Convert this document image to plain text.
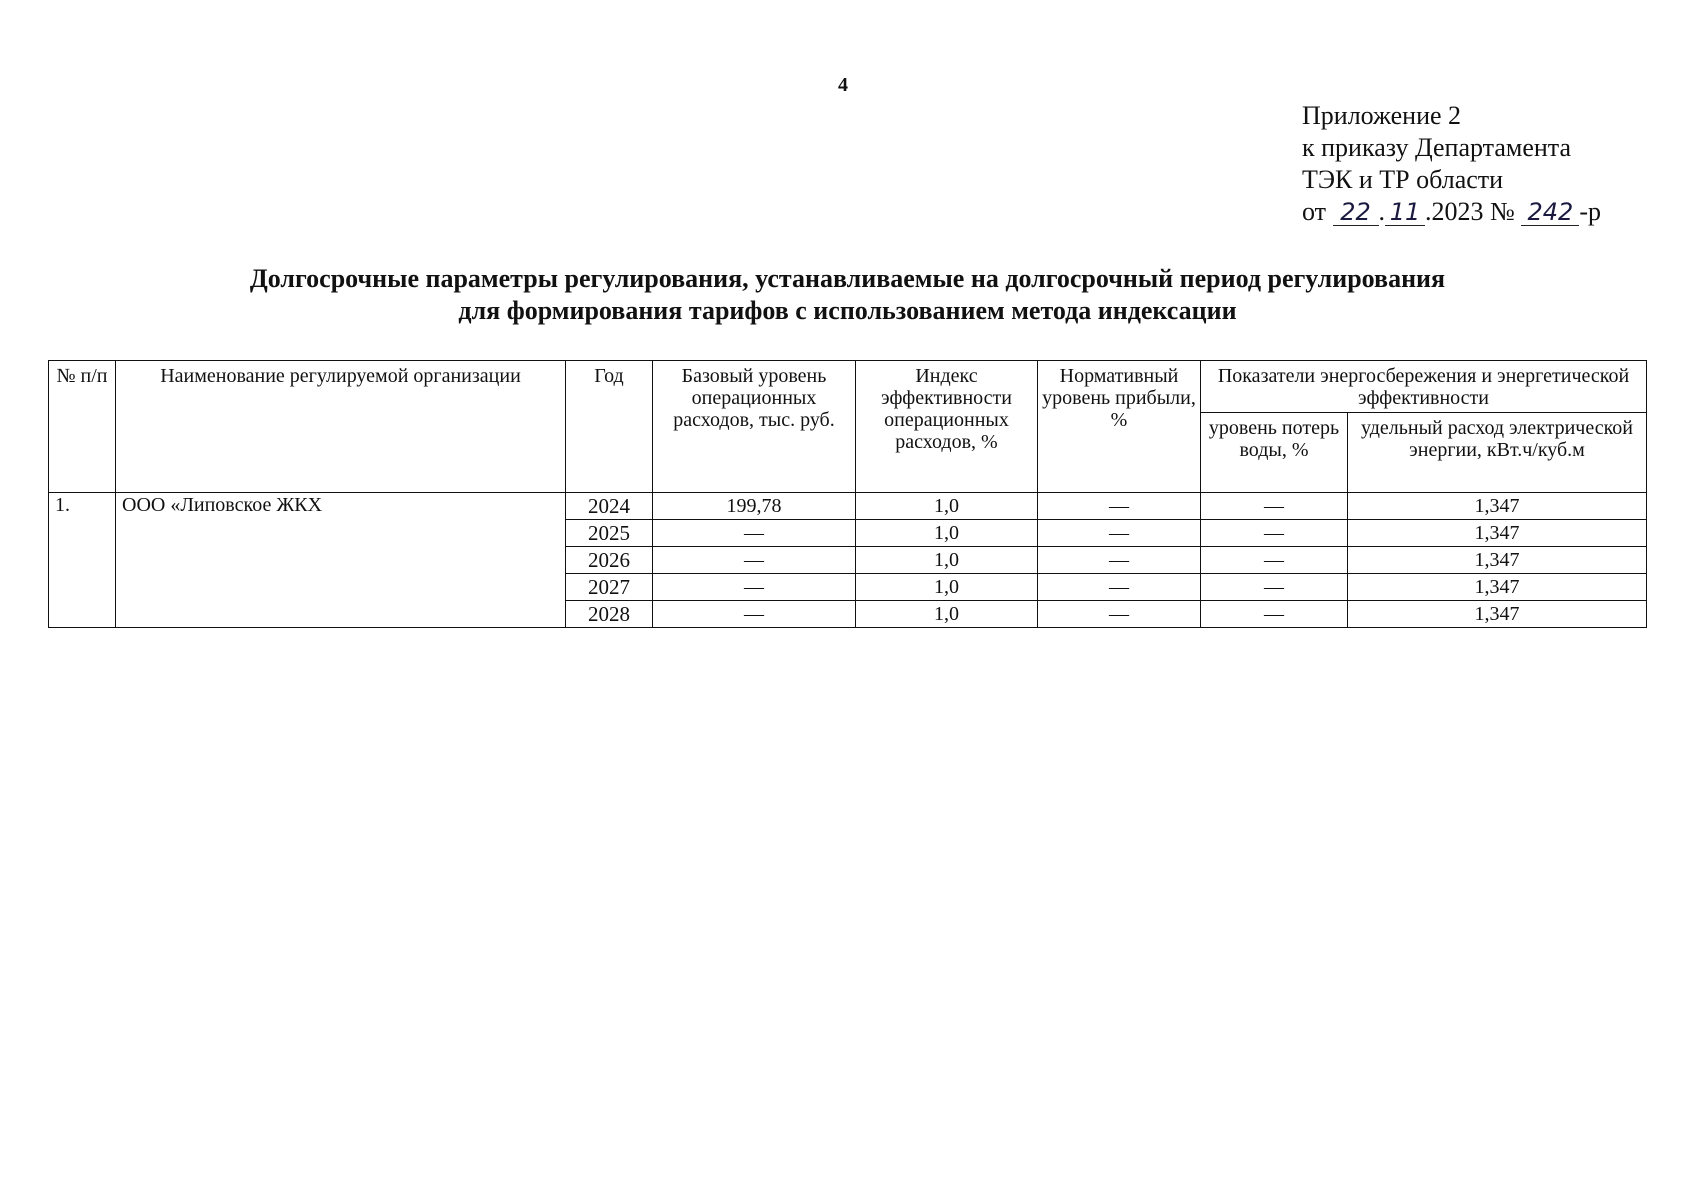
4
Приложение 2
к приказу Департамента
ТЭК и ТР области
от 22 . 11 .2023 № 242 -р
Долгосрочные параметры регулирования, устанавливаемые на долгосрочный период регулирования
для формирования тарифов с использованием метода индексации
№ п/п	Наименование регулируемой организации	Год	Базовый уровень операционных расходов, тыс. руб.	Индекс эффективности операционных расходов, %	Нормативный уровень прибыли, %	Показатели энергосбережения и энергетической эффективности	
						уровень потерь воды, %	удельный расход электрической энергии, кВт.ч/куб.м
1.	ООО «Липовское ЖКХ	2024	199,78	1,0	—	—	1,347
		2025	—	1,0	—	—	1,347
		2026	—	1,0	—	—	1,347
		2027	—	1,0	—	—	1,347
		2028	—	1,0	—	—	1,347
